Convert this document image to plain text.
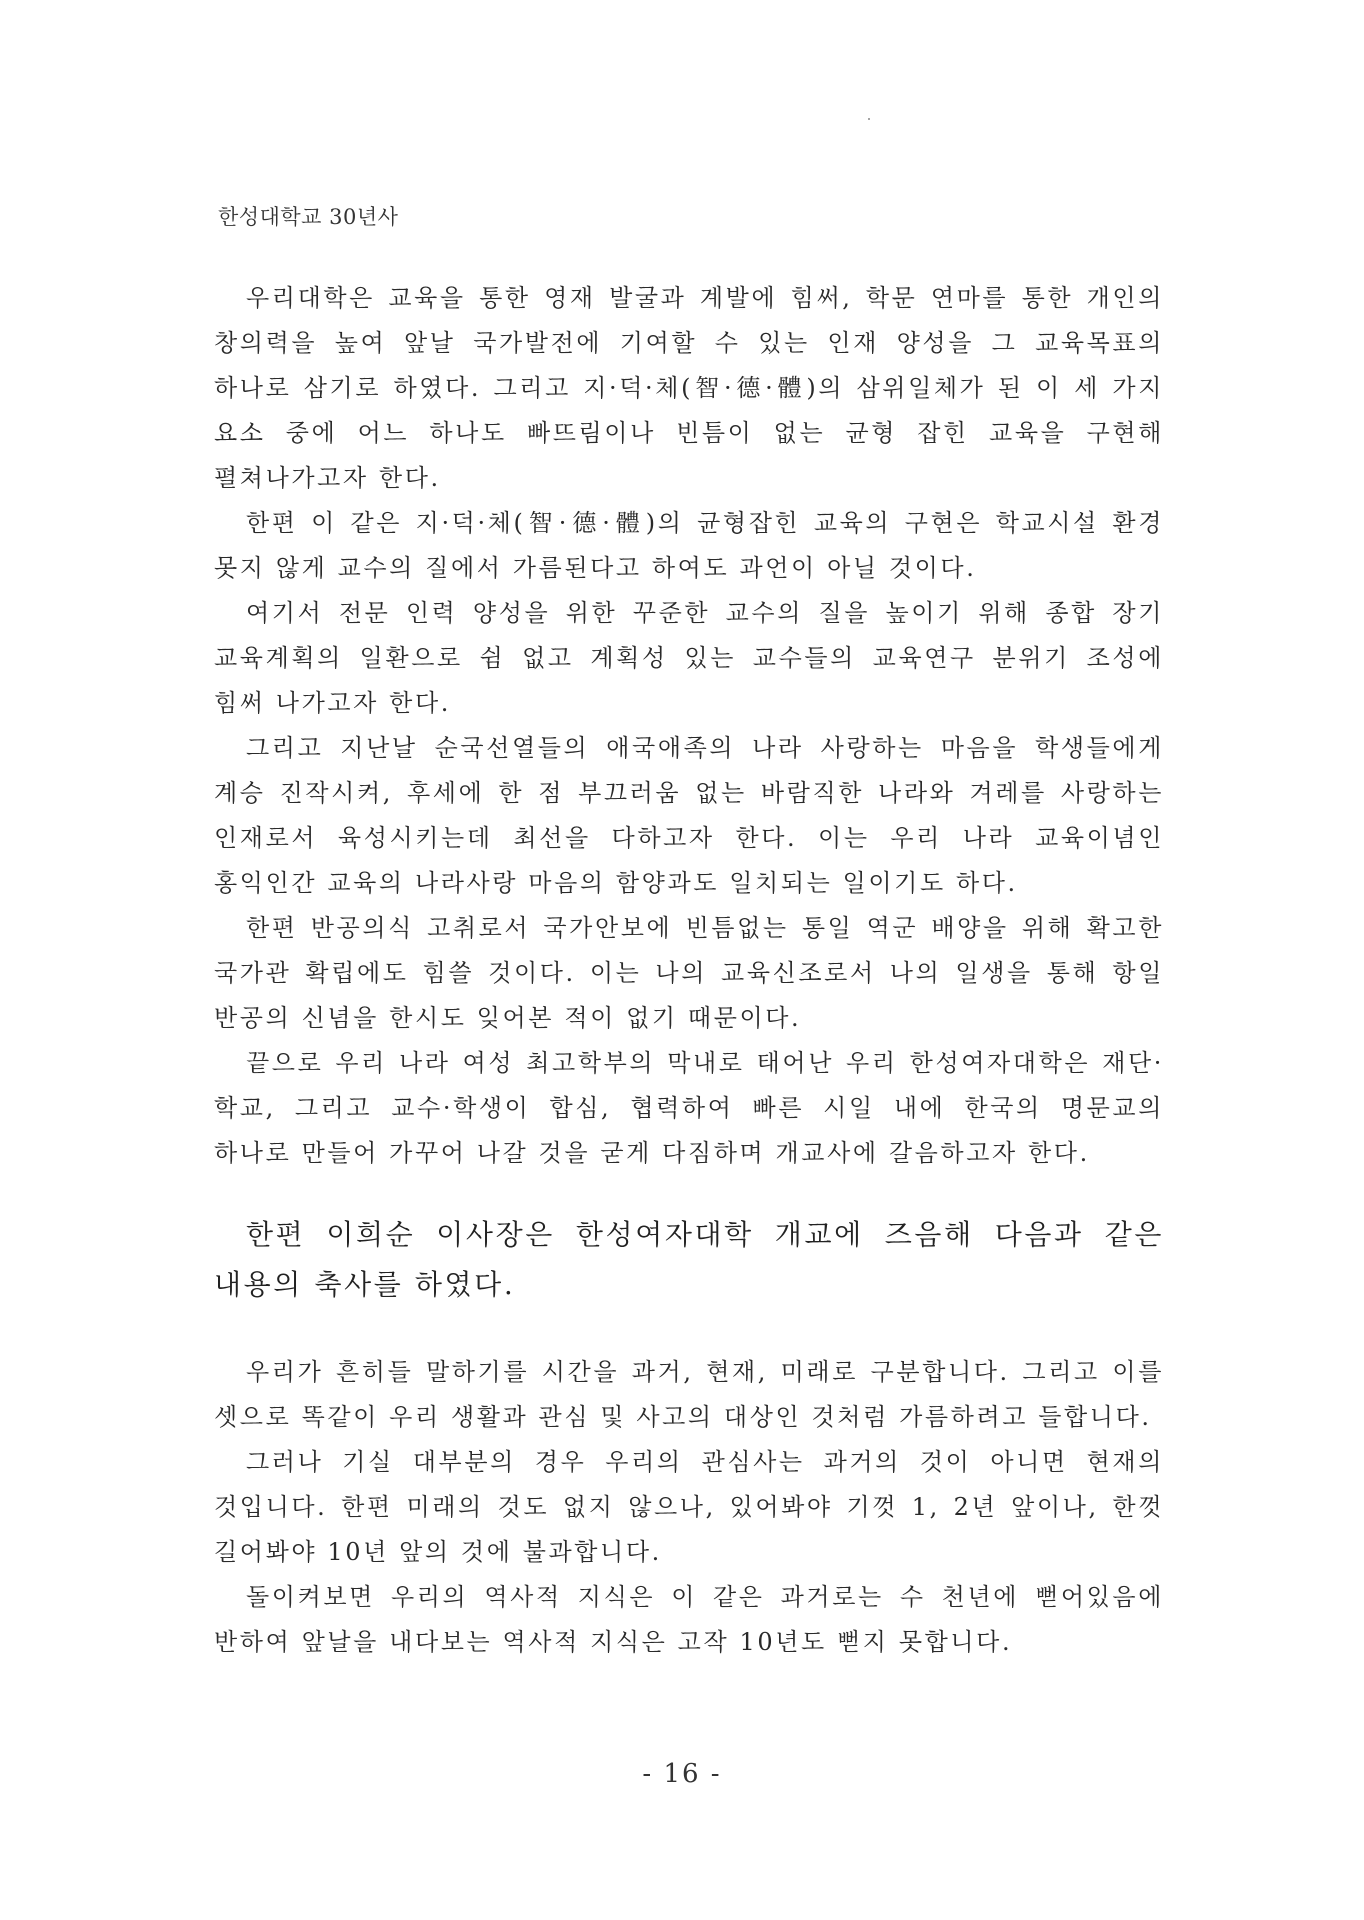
한성대학교 30년사

우리대학은 교육을 통한 영재 발굴과 계발에 힘써, 학문 연마를 통한 개인의 창의력을 높여 앞날 국가발전에 기여할 수 있는 인재 양성을 그 교육목표의 하나로 삼기로 하였다. 그리고 지·덕·체(智·德·體)의 삼위일체가 된 이 세 가지 요소 중에 어느 하나도 빠뜨림이나 빈틈이 없는 균형 잡힌 교육을 구현해 펼쳐나가고자 한다.

한편 이 같은 지·덕·체(智·德·體)의 균형잡힌 교육의 구현은 학교시설 환경 못지 않게 교수의 질에서 가름된다고 하여도 과언이 아닐 것이다.

여기서 전문 인력 양성을 위한 꾸준한 교수의 질을 높이기 위해 종합 장기 교육계획의 일환으로 쉼 없고 계획성 있는 교수들의 교육연구 분위기 조성에 힘써 나가고자 한다.

그리고 지난날 순국선열들의 애국애족의 나라 사랑하는 마음을 학생들에게 계승 진작시켜, 후세에 한 점 부끄러움 없는 바람직한 나라와 겨레를 사랑하는 인재로서 육성시키는데 최선을 다하고자 한다. 이는 우리 나라 교육이념인 홍익인간 교육의 나라사랑 마음의 함양과도 일치되는 일이기도 하다.

한편 반공의식 고취로서 국가안보에 빈틈없는 통일 역군 배양을 위해 확고한 국가관 확립에도 힘쓸 것이다. 이는 나의 교육신조로서 나의 일생을 통해 항일 반공의 신념을 한시도 잊어본 적이 없기 때문이다.

끝으로 우리 나라 여성 최고학부의 막내로 태어난 우리 한성여자대학은 재단·학교, 그리고 교수·학생이 합심, 협력하여 빠른 시일 내에 한국의 명문교의 하나로 만들어 가꾸어 나갈 것을 굳게 다짐하며 개교사에 갈음하고자 한다.

한편 이희순 이사장은 한성여자대학 개교에 즈음해 다음과 같은 내용의 축사를 하였다.

우리가 흔히들 말하기를 시간을 과거, 현재, 미래로 구분합니다. 그리고 이를 셋으로 똑같이 우리 생활과 관심 및 사고의 대상인 것처럼 가름하려고 들합니다.

그러나 기실 대부분의 경우 우리의 관심사는 과거의 것이 아니면 현재의 것입니다. 한편 미래의 것도 없지 않으나, 있어봐야 기껏 1, 2년 앞이나, 한껏 길어봐야 10년 앞의 것에 불과합니다.

돌이켜보면 우리의 역사적 지식은 이 같은 과거로는 수 천년에 뻗어있음에 반하여 앞날을 내다보는 역사적 지식은 고작 10년도 뻗지 못합니다.

- 16 -
